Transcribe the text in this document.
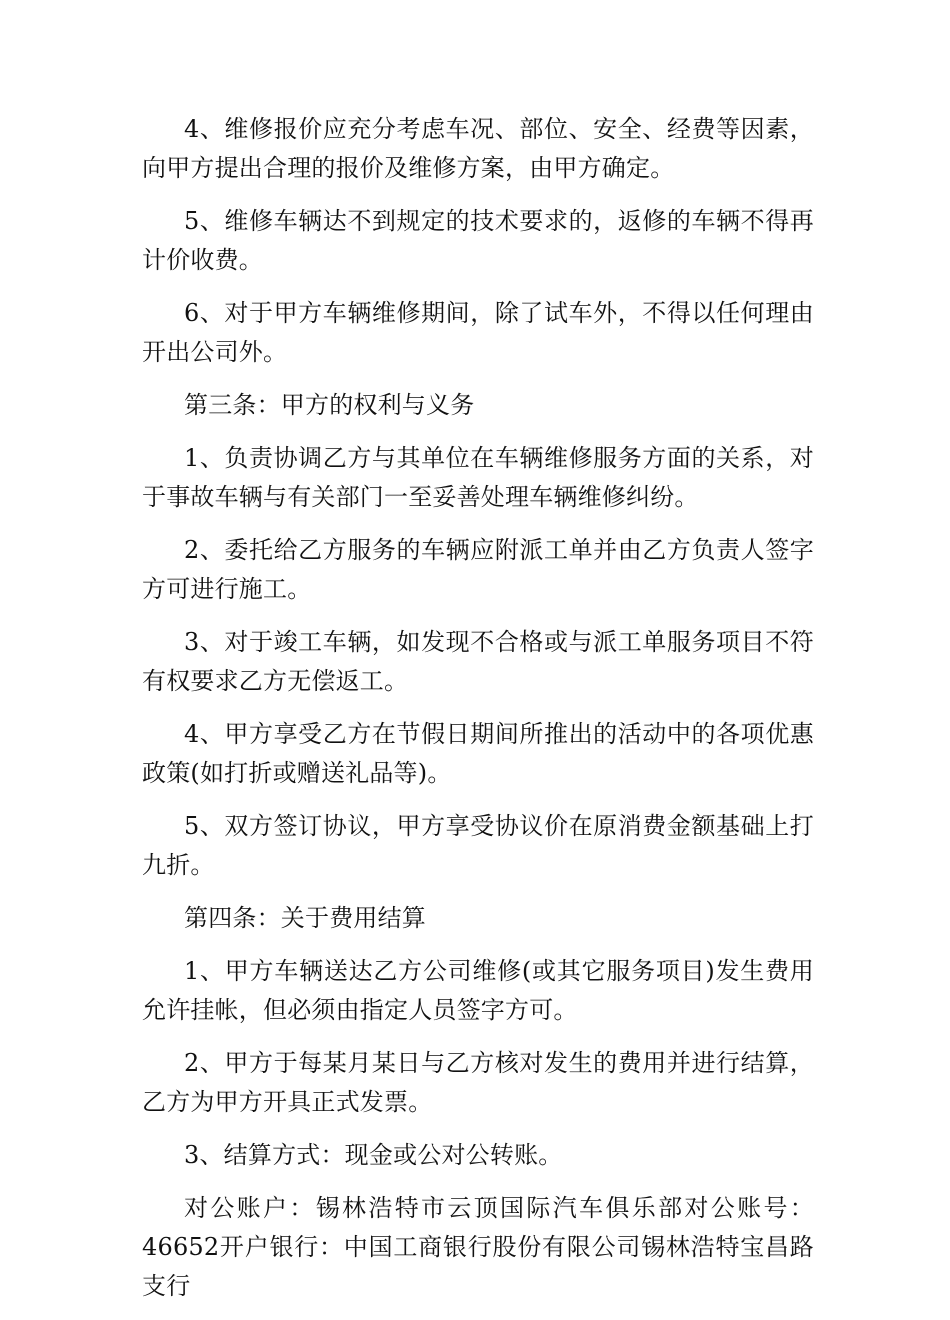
4、维修报价应充分考虑车况、部位、安全、经费等因素，向甲方提出合理的报价及维修方案，由甲方确定。

5、维修车辆达不到规定的技术要求的，返修的车辆不得再计价收费。

6、对于甲方车辆维修期间，除了试车外，不得以任何理由开出公司外。

第三条：甲方的权利与义务

1、负责协调乙方与其单位在车辆维修服务方面的关系，对于事故车辆与有关部门一至妥善处理车辆维修纠纷。

2、委托给乙方服务的车辆应附派工单并由乙方负责人签字方可进行施工。

3、对于竣工车辆，如发现不合格或与派工单服务项目不符有权要求乙方无偿返工。

4、甲方享受乙方在节假日期间所推出的活动中的各项优惠政策(如打折或赠送礼品等)。

5、双方签订协议，甲方享受协议价在原消费金额基础上打九折。

第四条：关于费用结算

1、甲方车辆送达乙方公司维修(或其它服务项目)发生费用允许挂帐，但必须由指定人员签字方可。

2、甲方于每某月某日与乙方核对发生的费用并进行结算，乙方为甲方开具正式发票。

3、结算方式：现金或公对公转账。

对公账户：锡林浩特市云顶国际汽车俱乐部对公账号：46652开户银行：中国工商银行股份有限公司锡林浩特宝昌路支行
